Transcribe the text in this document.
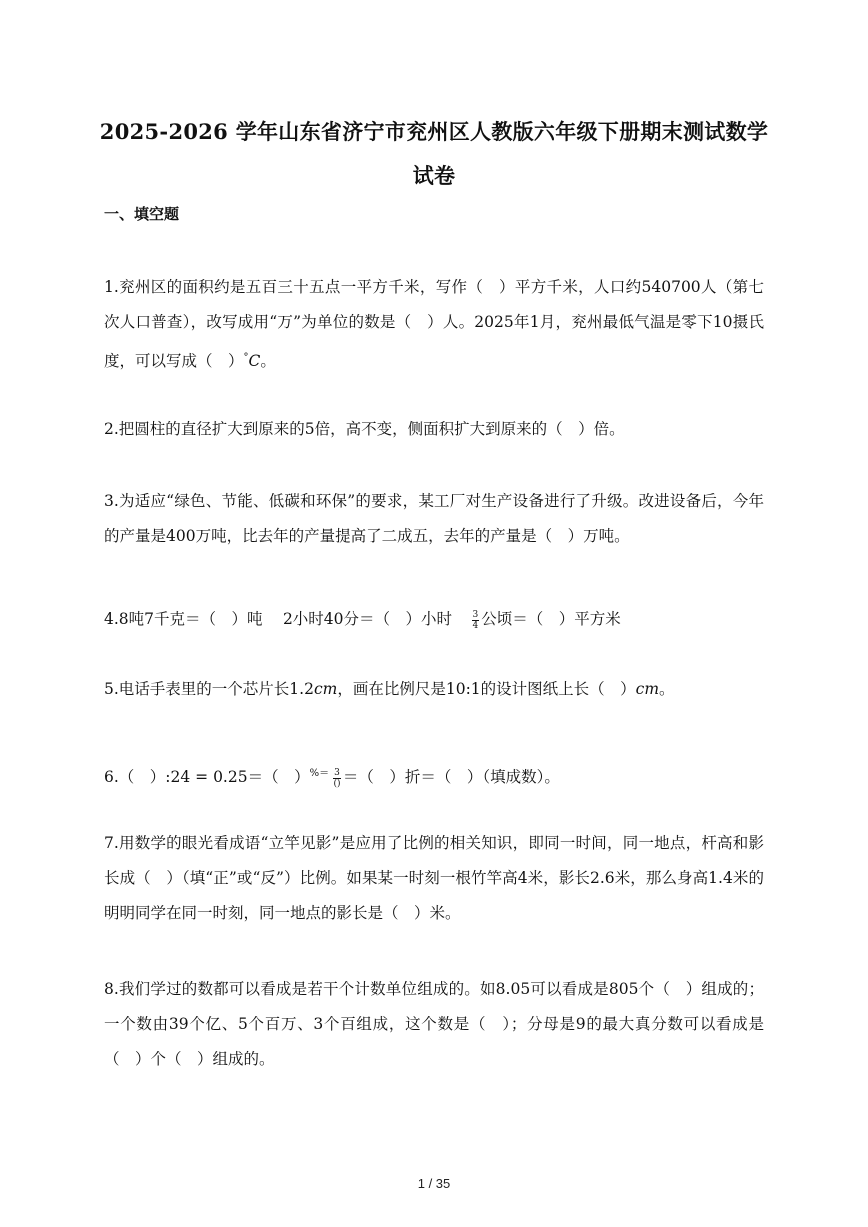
2025-2026 学年山东省济宁市兖州区人教版六年级下册期末测试数学
试卷
一、填空题
1.兖州区的面积约是五百三十五点一平方千米，写作（　）平方千米，人口约540700人（第七次人口普查），改写成用“万”为单位的数是（　）人。2025年1月，兖州最低气温是零下10摄氏度，可以写成（　）°C。
2.把圆柱的直径扩大到原来的5倍，高不变，侧面积扩大到原来的（　）倍。
3.为适应“绿色、节能、低碳和环保”的要求，某工厂对生产设备进行了升级。改进设备后，今年的产量是400万吨，比去年的产量提高了二成五，去年的产量是（　）万吨。
4.8吨7千克＝（　）吨　 2小时40分＝（　）小时　 $\frac{3}{4}$ 公顷＝（　）平方米
5.电话手表里的一个芯片长1.2cm，画在比例尺是10:1的设计图纸上长（　）cm。
6.（　）:24 = 0.25＝（　）$^{\%=} \frac{3}{()}$ ＝（　）折＝（　）（填成数）。
7.用数学的眼光看成语“立竿见影”是应用了比例的相关知识，即同一时间，同一地点，杆高和影长成（　）（填“正”或“反”）比例。如果某一时刻一根竹竿高4米，影长2.6米，那么身高1.4米的明明同学在同一时刻，同一地点的影长是（　）米。
8.我们学过的数都可以看成是若干个计数单位组成的。如8.05可以看成是805个（　）组成的；一个数由39个亿、5个百万、3个百组成，这个数是（　）；分母是9的最大真分数可以看成是（　）个（　）组成的。
1 / 35
